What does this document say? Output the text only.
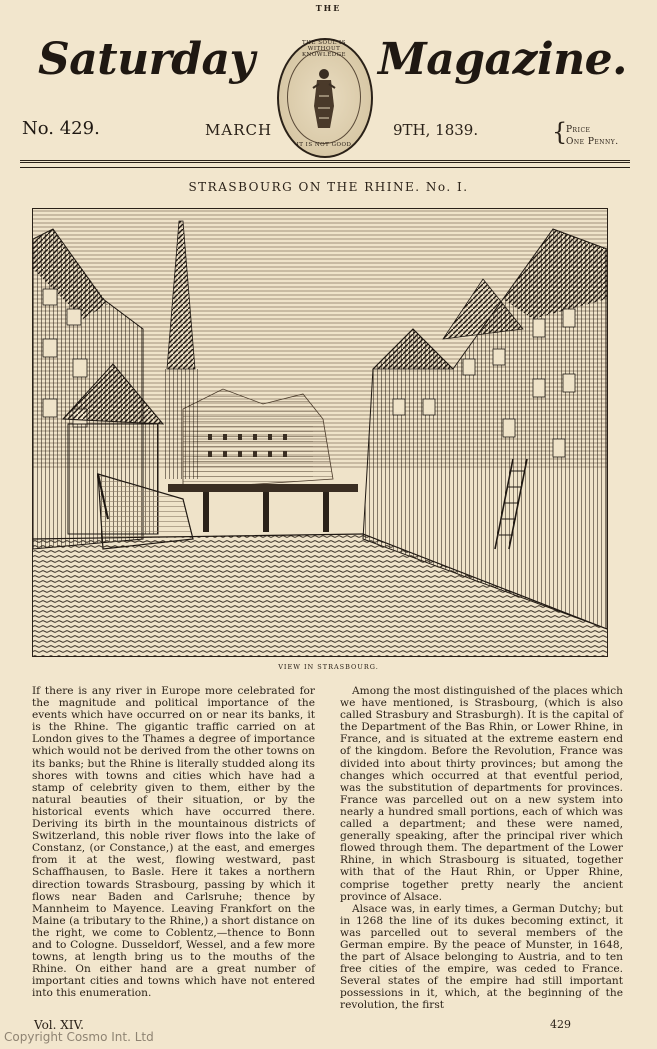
THE
Saturday	Magazine.
THE SOUL IS WITHOUT KNOWLEDGE
IT IS NOT GOOD
No. 429.	MARCH	9TH, 1839.	{
Price
One Penny.
STRASBOURG ON THE RHINE. No. I.
VIEW IN STRASBOURG.

If there is any river in Europe more celebrated for the magnitude and political importance of the events which have occurred on or near its banks, it is the Rhine. The gigantic traffic carried on at London gives to the Thames a degree of importance which would not be derived from the other towns on its banks; but the Rhine is literally studded along its shores with towns and cities which have had a stamp of celebrity given to them, either by the natural beauties of their situation, or by the historical events which have occurred there. Deriving its birth in the mountainous districts of Switzerland, this noble river flows into the lake of Constanz, (or Constance,) at the east, and emerges from it at the west, flowing westward, past Schaffhausen, to Basle. Here it takes a northern direction towards Strasbourg, passing by which it flows near Baden and Carlsruhe; thence by Mannheim to Mayence. Leaving Frankfort on the Maine (a tributary to the Rhine,) a short distance on the right, we come to Coblentz,—thence to Bonn and to Cologne. Dusseldorf, Wessel, and a few more towns, at length bring us to the mouths of the Rhine. On either hand are a great number of important cities and towns which have not entered into this enumeration.

Among the most distinguished of the places which we have mentioned, is Strasbourg, (which is also called Strasbury and Strasburgh). It is the capital of the Department of the Bas Rhin, or Lower Rhine, in France, and is situated at the extreme eastern end of the kingdom. Before the Revolution, France was divided into about thirty provinces; but among the changes which occurred at that eventful period, was the substitution of departments for provinces. France was parcelled out on a new system into nearly a hundred small portions, each of which was called a department; and these were named, generally speaking, after the principal river which flowed through them. The department of the Lower Rhine, in which Strasbourg is situated, together with that of the Haut Rhin, or Upper Rhine, comprise together pretty nearly the ancient province of Alsace.

Alsace was, in early times, a German Dutchy; but in 1268 the line of its dukes becoming extinct, it was parcelled out to several members of the German empire. By the peace of Munster, in 1648, the part of Alsace belonging to Austria, and to ten free cities of the empire, was ceded to France. Several states of the empire had still important possessions in it, which, at the beginning of the revolution, the first

Vol. XIV.	429
Copyright Cosmo Int. Ltd
